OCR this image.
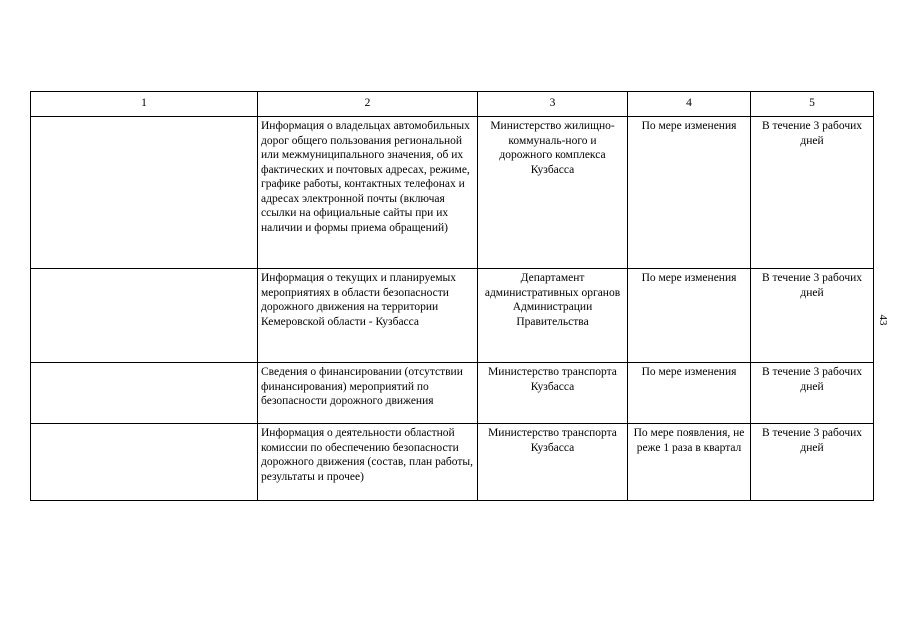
1	2	3	4	5
	Информация о владельцах автомобильных дорог общего пользования региональной или межмуниципального значения, об их фактических и почтовых адресах, режиме, графике работы, контактных телефонах и адресах электронной почты (включая ссылки на официальные сайты при их наличии и формы приема обращений)	Министерство жилищно-коммуналь-ного и дорожного комплекса Кузбасса	По мере изменения	В течение 3 рабочих дней
	Информация о текущих и планируемых мероприятиях в области безопасности дорожного движения на территории Кемеровской области - Кузбасса	Департамент административных органов Администрации Правительства	По мере изменения	В течение 3 рабочих дней
	Сведения о финансировании (отсутствии финансирования) мероприятий по безопасности дорожного движения	Министерство транспорта Кузбасса	По мере изменения	В течение 3 рабочих дней
	Информация о деятельности областной комиссии по обеспечению безопасности дорожного движения (состав, план работы, результаты и прочее)	Министерство транспорта Кузбасса	По мере появления, не реже 1 раза в квартал	В течение 3 рабочих дней
43
